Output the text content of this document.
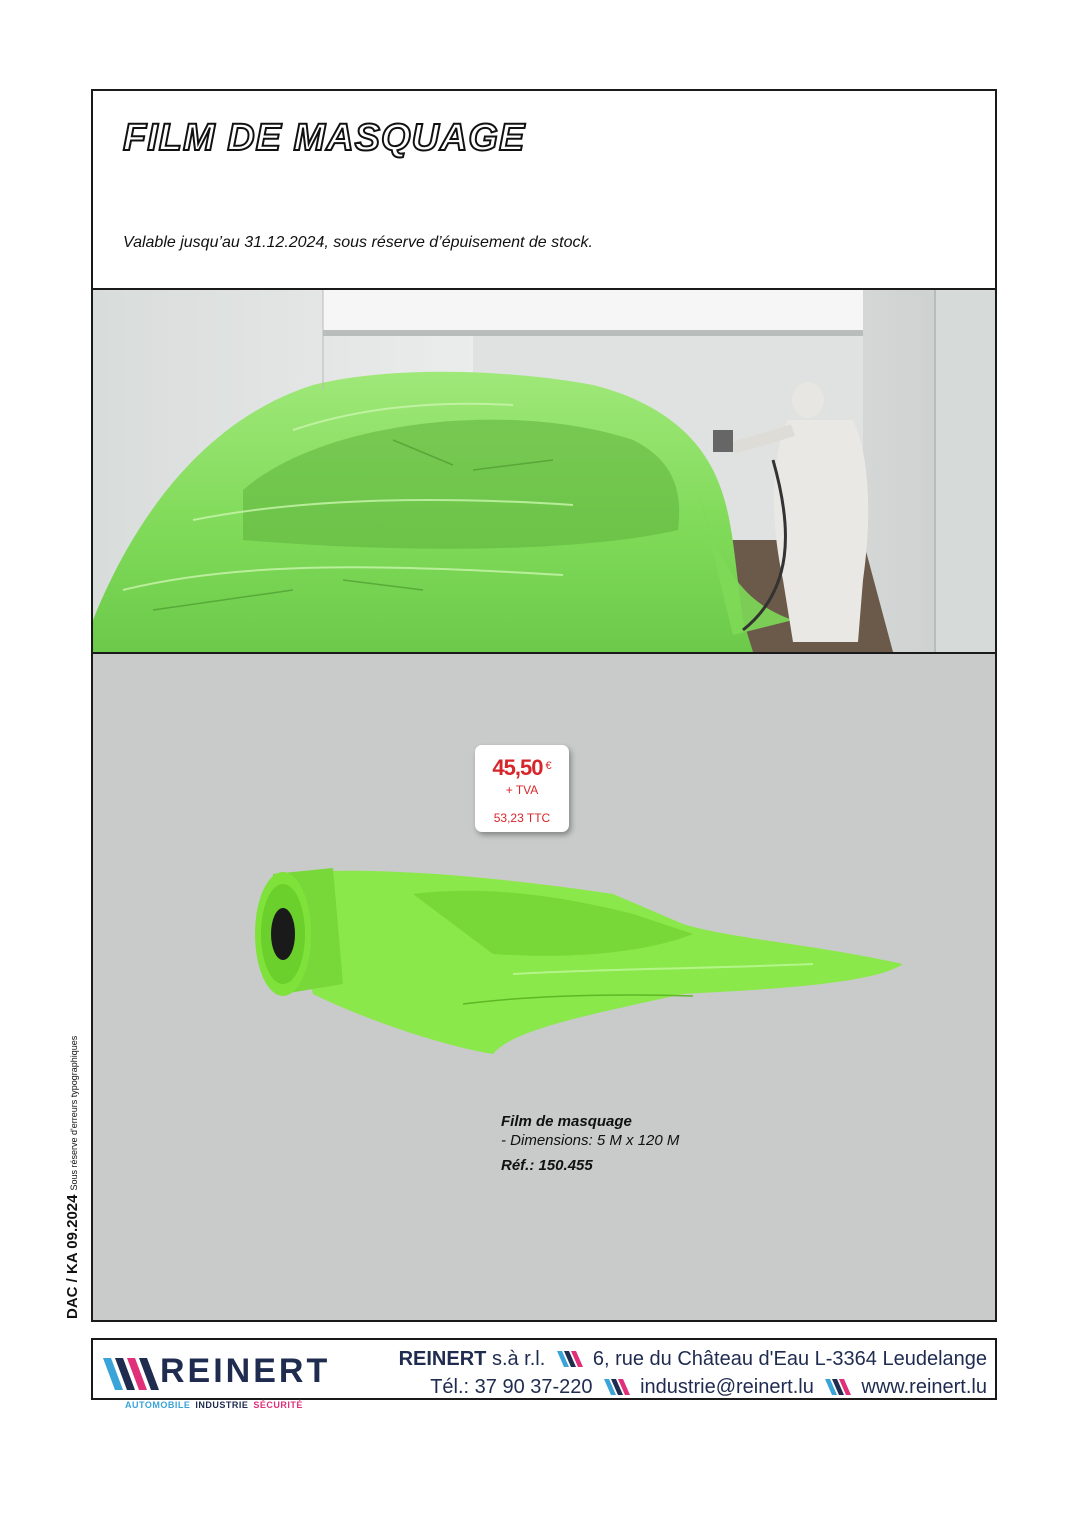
FILM DE MASQUAGE

Valable jusqu’au 31.12.2024, sous réserve d’épuisement de stock.

45,50 €
+ TVA
53,23 TTC
Film de masquage
- Dimensions: 5 M x 120 M
Réf.: 150.455
DAC / KA 09.2024Sous réserve d'erreurs typographiques
REINERT
AUTOMOBILE INDUSTRIE SÉCURITÉ
REINERT s.à r.l. 6, rue du Château d'Eau L-3364 Leudelange
Tél.: 37 90 37-220 industrie@reinert.lu www.reinert.lu
